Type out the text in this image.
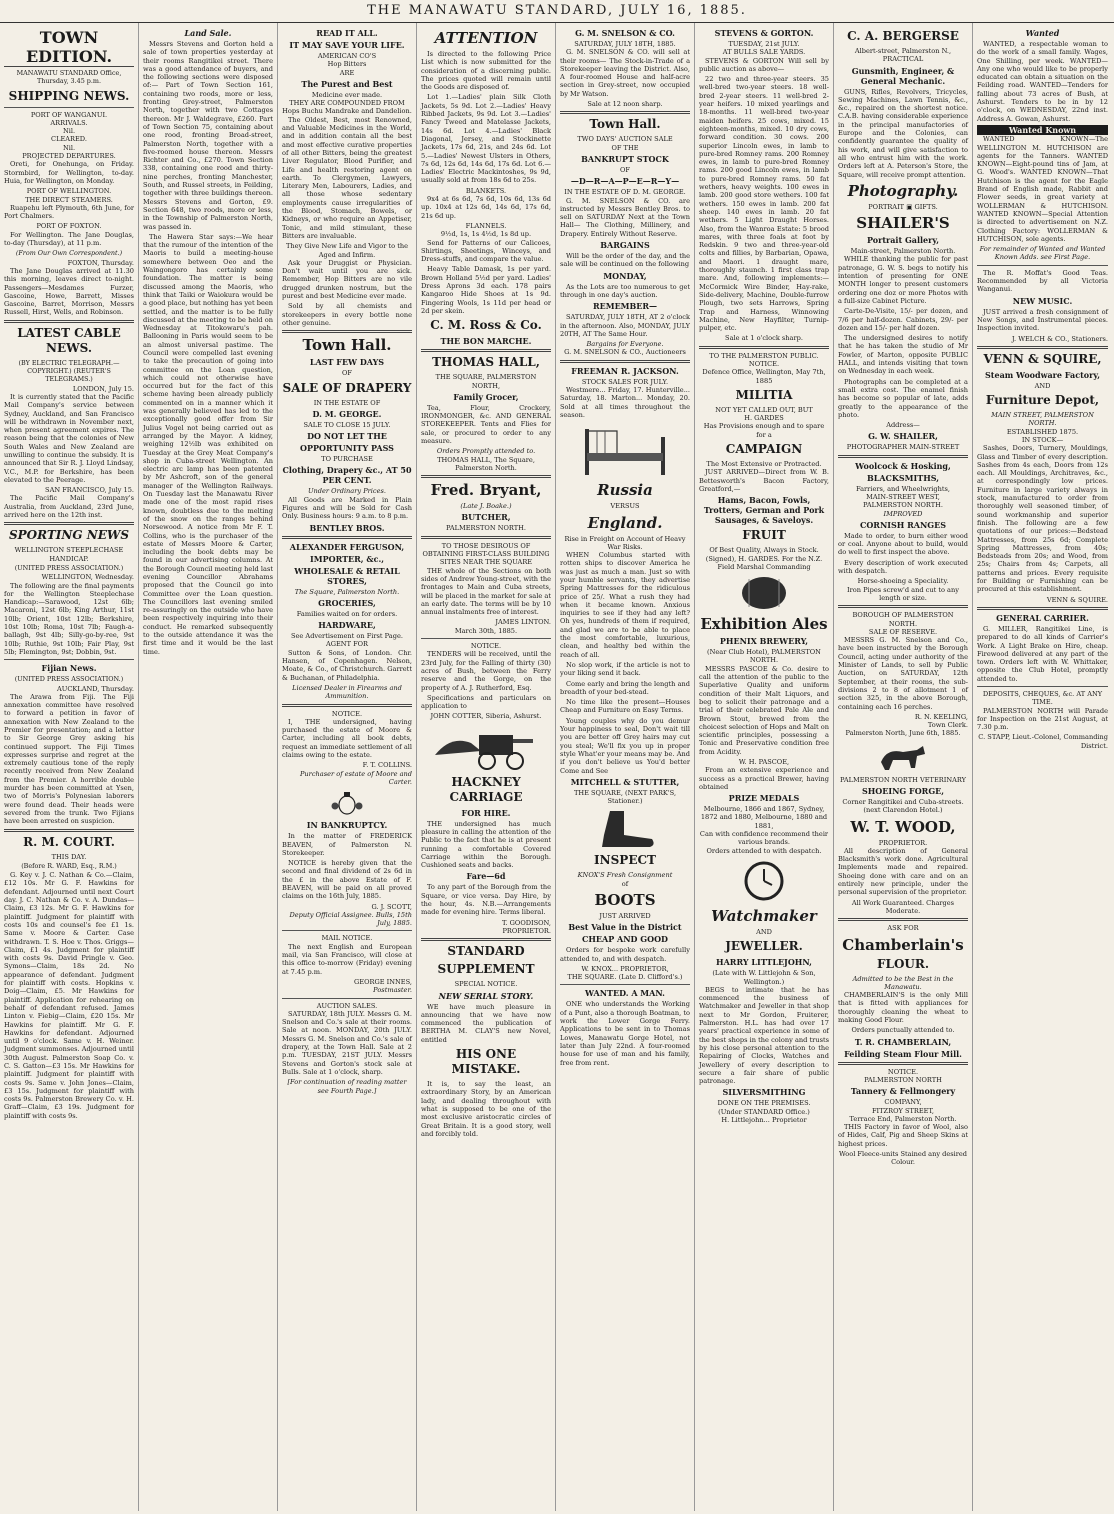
THE MANAWATU STANDARD, JULY 16, 1885.
TOWN EDITION.
MANAWATU STANDARD Office, Thursday, 3.45 p.m.
SHIPPING NEWS.
PORT OF WANGANUI.
ARRIVALS.
Nil.
CLEARED.
Nil.
PROJECTED DEPARTURES.

Oreti, for Onehunga, on Friday. Stormbird, for Wellington, to-day. Huia, for Wellington, on Monday.

PORT OF WELLINGTON.
THE DIRECT STEAMERS.

Ruapehu left Plymouth, 6th June, for Port Chalmers.

PORT OF FOXTON.

For Wellington. The Jane Douglas, to-day (Thursday), at 11 p.m.

(From Our Own Correspondent.)
FOXTON, Thursday.

The Jane Douglas arrived at 11.30 this morning, leaves direct to-night. Passengers—Mesdames Furzer, Gascoine, Howe, Barrett, Misses Gascoine, Barret, Morrison, Messrs Russell, Hirst, Wells, and Robinson.

LATEST CABLE NEWS.
(BY ELECTRIC TELEGRAPH.—COPYRIGHT.) (REUTER'S TELEGRAMS.)
LONDON, July 15.

It is currently stated that the Pacific Mail Company's service between Sydney, Auckland, and San Francisco will be withdrawn in November next, when present agreement expires. The reason being that the colonies of New South Wales and New Zealand are unwilling to continue the subsidy. It is announced that Sir R. J. Lloyd Lindsay, V.C., M.P. for Berkshire, has been elevated to the Peerage.

SAN FRANCISCO, July 15.

The Pacific Mail Company's Australia, from Auckland, 23rd June, arrived here on the 12th inst.

SPORTING NEWS
WELLINGTON STEEPLECHASE HANDICAP.
(UNITED PRESS ASSOCIATION.)
WELLINGTON, Wednesday.

The following are the final payments for the Wellington Steeplechase Handicap:—Sarawood, 12st 6lb; Macaroni, 12st 6lb; King Arthur, 11st 10lb; Orient, 10st 12lb; Berkshire, 10st 10lb; Roma, 10st 7lb; Faugh-a-ballagh, 9st 4lb; Silly-go-by-ree, 9st 10lb; Ruthie, 9st 10lb; Fair Play, 9st 5lb; Flemington, 9st; Dobbin, 9st.

Fijian News.
(UNITED PRESS ASSOCIATION.)
AUCKLAND, Thursday.

The Arawa from Fiji. The Fiji annexation committee have resolved to forward a petition in favor of annexation with New Zealand to the Premier for presentation; and a letter to Sir George Grey asking his continued support. The Fiji Times expresses surprise and regret at the extremely cautious tone of the reply recently received from New Zealand from the Premier. A horrible double murder has been committed at Ysen, two of Morris's Polynesian laborers were found dead. Their heads were severed from the trunk. Two Fijians have been arrested on suspicion.

R. M. COURT.
THIS DAY.
(Before R. WARD, Esq., R.M.)

G. Key v. J. C. Nathan & Co.—Claim, £12 10s. Mr G. F. Hawkins for defendant. Adjourned until next Court day. J. C. Nathan & Co. v. A. Dundas—Claim, £3 12s. Mr G. F. Hawkins for plaintiff. Judgment for plaintiff with costs 10s and counsel's fee £1 1s. Same v. Moore & Carter. Case withdrawn. T. S. Hoe v. Thos. Griggs—Claim, £1 4s. Judgment for plaintiff with costs 9s. David Pringle v. Geo. Symons—Claim, 18s 2d. No appearance of defendant. Judgment for plaintiff with costs. Hopkins v. Doig—Claim, £5. Mr Hawkins for plaintiff. Application for rehearing on behalf of defendant refused. James Linton v. Fiebig—Claim, £20 15s. Mr Hawkins for plaintiff. Mr G. F. Hawkins for defendant. Adjourned until 9 o'clock. Same v. H. Weiner. Judgment summonses. Adjourned until 30th August. Palmerston Soap Co. v. C. S. Gatton—£3 15s. Mr Hawkins for plaintiff. Judgment for plaintiff with costs 9s. Same v. John Jones—Claim, £3 15s. Judgment for plaintiff with costs 9s. Palmerston Brewery Co. v. H. Graff—Claim, £3 19s. Judgment for plaintiff with costs 9s.

Land Sale.

Messrs Stevens and Gorton held a sale of town properties yesterday at their rooms Rangitikei street. There was a good attendance of buyers, and the following sections were disposed of:— Part of Town Section 161, containing two roods, more or less, fronting Grey-street, Palmerston North, together with two Cottages thereon. Mr J. Waldegrave, £260. Part of Town Section 75, containing about one rood, fronting Broad-street, Palmerston North, together with a five-roomed house thereon. Messrs Richter and Co., £270. Town Section 338, containing one rood and thirty-nine perches, fronting Manchester, South, and Russel streets, in Feilding, together with three buildings thereon. Messrs Stevens and Gorton, £9. Section 648, two roods, more or less, in the Township of Palmerston North, was passed in.

The Hawera Star says:—We hear that the rumour of the intention of the Maoris to build a meeting-house somewhere between Oeo and the Waingongoro has certainly some foundation. The matter is being discussed among the Maoris, who think that Taiki or Waiokura would be a good place, but nothing has yet been settled, and the matter is to be fully discussed at the meeting to be held on Wednesday at Titokowaru's pah. Ballooning in Paris would seem to be an almost universal pastime. The Council were compelled last evening to take the precaution of going into committee on the Loan question, which could not otherwise have occurred but for the fact of this scheme having been already publicly commented on in a manner which it was generally believed has led to the exceptionally good offer from Sir Julius Vogel not being carried out as arranged by the Mayor. A kidney, weighing 12½lb was exhibited on Tuesday at the Grey Meat Company's shop in Cuba-street Wellington. An electric arc lamp has been patented by Mr Ashcroft, son of the general manager of the Wellington Railways. On Tuesday last the Manawatu River made one of the most rapid rises known, doubtless due to the melting of the snow on the ranges behind Norsewood. A notice from Mr F. T. Collins, who is the purchaser of the estate of Messrs Moore & Carter, including the book debts may be found in our advertising columns. At the Borough Council meeting held last evening Councillor Abrahams proposed that the Council go into Committee over the Loan question. The Councillors last evening smiled re-assuringly on the outside who have been respectively inquiring into their conduct. He remarked subsequently to the outside attendance it was the first time and it would be the last time.

READ IT ALL.
IT MAY SAVE YOUR LIFE.
AMERICAN CO'S
Hop Bitters
ARE
The Purest and Best
Medicine ever made.
THEY ARE COMPOUNDED FROM
Hops Buchu Mandrake and Dandelion.

The Oldest, Best, most Renowned, and Valuable Medicines in the World, and in addition contain all the best and most effective curative properties of all other Bitters, being the greatest Liver Regulator, Blood Purifier, and Life and health restoring agent on earth. To Clergymen, Lawyers, Literary Men, Labourers, Ladies, and all those whose sedentary employments cause irregularities of the Blood, Stomach, Bowels, or Kidneys, or who require an Appetiser, Tonic, and mild stimulant, these Bitters are invaluable.

They Give New Life and Vigor to the Aged and Infirm.

Ask your Druggist or Physician. Don't wait until you are sick. Remember, Hop Bitters are no vile drugged drunken nostrum, but the purest and best Medicine ever made.

Sold by all chemists and storekeepers in every bottle none other genuine.

Town Hall.
LAST FEW DAYS
OF
SALE OF DRAPERY
IN THE ESTATE OF
D. M. GEORGE.
SALE TO CLOSE 15 JULY.
DO NOT LET THE
OPPORTUNITY PASS
TO PURCHASE
Clothing, Drapery &c., AT 50 PER CENT.
Under Ordinary Prices.

All Goods are Marked in Plain Figures and will be Sold for Cash Only. Business hours: 9 a.m. to 8 p.m.

BENTLEY BROS.
ALEXANDER FERGUSON,
IMPORTER, &c.,
WHOLESALE & RETAIL STORES,
The Square, Palmerston North.
GROCERIES,
Families waited on for orders.
HARDWARE,
See Advertisement on First Page.
AGENT FOR

Sutton & Sons, of London. Chr. Hansen, of Copenhagen. Nelson, Moate, & Co., of Christchurch. Garrett & Buchanan, of Philadelphia.

Licensed Dealer in Firearms and Ammunition.
NOTICE.

I, THE undersigned, having purchased the estate of Moore & Carter, including all book debts, request an immediate settlement of all claims owing to the estate.

F. T. COLLINS.
Purchaser of estate of Moore and Carter.
IN BANKRUPTCY.

In the matter of FREDERICK BEAVEN, of Palmerston N. Storekeeper.

NOTICE is hereby given that the second and final dividend of 2s 6d in the £ in the above Estate of F. BEAVEN, will be paid on all proved claims on the 16th July, 1885.

G. J. SCOTT,
Deputy Official Assignee. Bulls, 15th July, 1885.
MAIL NOTICE.

The next English and European mail, via San Francisco, will close at this office to-morrow (Friday) evening at 7.45 p.m.

GEORGE INNES,
Postmaster.
AUCTION SALES.

SATURDAY, 18th JULY. Messrs G. M. Snelson and Co.'s sale at their rooms. Sale at noon. MONDAY, 20th JULY. Messrs G. M. Snelson and Co.'s sale of drapery, at the Town Hall. Sale at 2 p.m. TUESDAY, 21ST JULY. Messrs Stevens and Gorton's stock sale at Bulls. Sale at 1 o'clock, sharp.

[For continuation of reading matter see Fourth Page.]
ATTENTION

Is directed to the following Price List which is now submitted for the consideration of a discerning public. The prices quoted will remain until the Goods are disposed of.

Lot 1.—Ladies' plain Silk Cloth Jackets, 5s 9d. Lot 2.—Ladies' Heavy Ribbed Jackets, 9s 9d. Lot 3.—Ladies' Fancy Tweed and Matelasse Jackets, 14s 6d. Lot 4.—Ladies' Black Diagonal, Jersey, and Stockinette Jackets, 17s 6d, 21s, and 24s 6d. Lot 5.—Ladies' Newest Ulsters in Others, 7s 6d, 12s 6d, 14s 6d, 17s 6d. Lot 6.—Ladies' Electric Mackintoshes, 9s 9d, usually sold at from 18s 6d to 25s.

BLANKETS.

9x4 at 6s 6d, 7s 6d, 10s 6d, 13s 6d up. 10x4 at 12s 6d, 14s 6d, 17s 6d, 21s 6d up.

FLANNELS.
9½d, 1s, 1s 4½d, 1s 8d up.

Send for Patterns of our Calicoes, Shirtings, Sheetings, Winceys, and Dress-stuffs, and compare the value.

Heavy Table Damask, 1s per yard. Brown Holland 5½d per yard. Ladies' Dress Aprons 3d each. 178 pairs Kangaroo Hide Shoes at 1s 9d. Fingering Wools, 1s 11d per head or 2d per skein.

C. M. Ross & Co.
THE BON MARCHE.
THOMAS HALL,
THE SQUARE, PALMERSTON NORTH,
Family Grocer,

Tea, Flour, Crockery, IRONMONGER, &c. AND GENERAL STOREKEEPER. Tents and Flies for sale, or procured to order to any measure.

Orders Promptly attended to.
THOMAS HALL, The Square, Palmerston North.
Fred. Bryant,
(Late J. Boake.)
BUTCHER,
PALMERSTON NORTH.
TO THOSE DESIROUS OF OBTAINING FIRST-CLASS BUILDING SITES NEAR THE SQUARE

THE whole of the Sections on both sides of Andrew Young-street, with the frontages to Main and Cuba streets, will be placed in the market for sale at an early date. The terms will be by 10 annual instalments free of interest.

JAMES LINTON.
March 30th, 1885.
NOTICE.

TENDERS will be received, until the 23rd July, for the Falling of thirty (30) acres of Bush, between the Ferry reserve and the Gorge, on the property of A. J. Rutherford, Esq.

Specifications and particulars on application to

JOHN COTTER, Siberia, Ashurst.
HACKNEY CARRIAGE
FOR HIRE.

THE undersigned has much pleasure in calling the attention of the Public to the fact that he is at present running a comfortable Covered Carriage within the Borough. Cushioned seats and backs.

Fare—6d

To any part of the Borough from the Square, or vice versa. Day Hire, by the hour, 4s. N.B.—Arrangements made for evening hire. Terms liberal.

T. GOODISON,
PROPRIETOR.
STANDARD
SUPPLEMENT
SPECIAL NOTICE.
NEW SERIAL STORY.

WE have much pleasure in announcing that we have now commenced the publication of BERTHA M. CLAY'S new Novel, entitled

HIS ONE MISTAKE.

It is, to say the least, an extraordinary Story, by an American lady, and dealing throughout with what is supposed to be one of the most exclusive aristocratic circles of Great Britain. It is a good story, well and forcibly told.

G. M. SNELSON & CO.
SATURDAY, JULY 18TH, 1885.

G. M. SNELSON & CO. will sell at their rooms— The Stock-in-Trade of a Storekeeper leaving the District. Also, A four-roomed House and half-acre section in Grey-street, now occupied by Mr Watson.

Sale at 12 noon sharp.
Town Hall.
TWO DAYS' AUCTION SALE
OF THE
BANKRUPT STOCK
OF
—D—R—A—P—E—R—Y—
IN THE ESTATE OF D. M. GEORGE.

G. M. SNELSON & CO. are instructed by Messrs Bentley Bros. to sell on SATURDAY Next at the Town Hall— The Clothing, Millinery, and Drapery. Entirely Without Reserve.

BARGAINS

Will be the order of the day, and the sale will be continued on the following

MONDAY,

As the Lots are too numerous to get through in one day's auction.

REMEMBER—

SATURDAY, JULY 18TH, AT 2 o'clock in the afternoon. Also, MONDAY, JULY 20TH, AT The Same Hour.

Bargains for Everyone.
G. M. SNELSON & CO., Auctioneers
FREEMAN R. JACKSON.
STOCK SALES FOR JULY.

Westmere... Friday, 17. Hunterville... Saturday, 18. Marton... Monday, 20. Sold at all times throughout the season.

Russia
VERSUS
England.
Rise in Freight on Account of Heavy War Risks.

WHEN Columbus started with rotten ships to discover America he was just as much a man. Just so with your humble servants, they advertise Spring Mattresses for the ridiculous price of 25/. What a rush they had when it became known. Anxious inquiries to see if they had any left? Oh yes, hundreds of them if required, and glad we are to be able to place the most comfortable, luxurious, clean, and healthy bed within the reach of all.

No slop work, if the article is not to your liking send it back.

Come early and bring the length and breadth of your bed-stead.

No time like the present—Houses Cheap and Furniture on Easy Terms.

Young couples why do you demur Your happiness to seal, Don't wait till you are better off Grey hairs may cut you steal; We'll fix you up in proper style What'er your means may be. And if you don't believe us You'd better Come and See

MITCHELL & STUTTER,
THE SQUARE, (NEXT PARK'S, Stationer.)
INSPECT
KNOX'S Fresh Consignment
of
BOOTS
JUST ARRIVED
Best Value in the District
CHEAP AND GOOD

Orders for bespoke work carefully attended to, and with despatch.

W. KNOX... PROPRIETOR,
THE SQUARE. (Late D. Clifford's.)
WANTED. A MAN.

ONE who understands the Working of a Punt, also a thorough Boatman, to work the Lower Gorge Ferry. Applications to be sent in to Thomas Lowes, Manawatu Gorge Hotel, not later than July 22nd. A four-roomed house for use of man and his family, free from rent.

STEVENS & GORTON.
TUESDAY, 21st JULY.
AT BULLS SALE YARDS.

STEVENS & GORTON Will sell by public auction as above—

22 two and three-year steers. 35 well-bred two-year steers. 18 well-bred 2-year steers. 11 well-bred 2-year heifers. 10 mixed yearlings and 18-months. 11 well-bred two-year maiden heifers. 25 cows, mixed. 15 eighteen-months, mixed. 10 dry cows, forward condition. 30 cows. 200 superior Lincoln ewes, in lamb to pure-bred Romney rams. 200 Romney ewes, in lamb to pure-bred Romney rams. 200 good Lincoln ewes, in lamb to pure-bred Romney rams. 50 fat wethers, heavy weights. 100 ewes in lamb. 200 good store wethers. 100 fat wethers. 150 ewes in lamb. 200 fat sheep. 140 ewes in lamb. 20 fat wethers. 5 Light Draught Horses. Also, from the Wanroa Estate: 5 brood mares, with three foals at foot by Redskin. 9 two and three-year-old colts and fillies, by Barbarian, Opawa, and Maori. 1 draught mare, thoroughly staunch. 1 first class trap mare. And, following implements:— McCormick Wire Binder, Hay-rake, Side-delivery, Machine, Double-furrow Plough, two sets Harrows, Spring Trap and Harness, Winnowing Machine, New Hayfilter, Turnip-pulper, etc.

Sale at 1 o'clock sharp.
TO THE PALMERSTON PUBLIC.
NOTICE.
Defence Office, Wellington, May 7th, 1885
MILITIA
NOT YET CALLED OUT, BUT
H. GARDES
Has Provisions enough and to spare for a
CAMPAIGN
The Most Extensive or Protracted.

JUST ARRIVED—Direct from W. B. Bettesworth's Bacon Factory, Greatford,—

Hams, Bacon, Fowls, Trotters, German and Pork Sausages, & Saveloys.
FRUIT
Of Best Quality, Always in Stock.
(Signed), H. GARDES. For the N.Z. Field Marshal Commanding
Exhibition Ales
PHENIX BREWERY,
(Near Club Hotel), PALMERSTON NORTH.

MESSRS PASCOE & Co. desire to call the attention of the public to the Superlative Quality and uniform condition of their Malt Liquors, and beg to solicit their patronage and a trial of their celebrated Pale Ale and Brown Stout, brewed from the choicest selection of Hops and Malt on scientific principles, possessing a Tonic and Preservative condition free from Acidity.

W. H. PASCOE,

From an extensive experience and success as a practical Brewer, having obtained

PRIZE MEDALS
Melbourne, 1866 and 1867, Sydney, 1872 and 1880, Melbourne, 1880 and 1881,
Can with confidence recommend their various brands.
Orders attended to with despatch.
Watchmaker
AND
JEWELLER.
HARRY LITTLEJOHN,
(Late with W. Littlejohn & Son, Wellington.)

BEGS to intimate that he has commenced the business of Watchmaker and Jeweller in that shop next to Mr Gordon, Fruiterer, Palmerston. H.L. has had over 17 years' practical experience in some of the best shops in the colony and trusts by his close personal attention to the Repairing of Clocks, Watches and Jewellery of every description to secure a fair share of public patronage.

SILVERSMITHING
DONE ON THE PREMISES.
(Under STANDARD Office.)
H. Littlejohn... Proprietor
C. A. BERGERSE
Albert-street, Palmerston N., PRACTICAL
Gunsmith, Engineer, & General Mechanic.

GUNS, Rifles, Revolvers, Tricycles, Sewing Machines, Lawn Tennis, &c., &c., repaired on the shortest notice. C.A.B. having considerable experience in the principal manufactories of Europe and the Colonies, can confidently guarantee the quality of his work, and will give satisfaction to all who entrust him with the work. Orders left at A. Peterson's Store, the Square, will receive prompt attention.

Photography.
PORTRAIT ▣ GIFTS.
SHAILER'S
Portrait Gallery,
Main-street, Palmerston North.

WHILE thanking the public for past patronage, G. W. S. begs to notify his intention of presenting for ONE MONTH longer to present customers ordering one doz or more Photos with a full-size Cabinet Picture.

Carte-De-Visite, 15/- per dozen, and 7/6 per half-dozen. Cabinets, 29/- per dozen and 15/- per half dozen.

The undersigned desires to notify that he has taken the studio of Mr Fowler, of Marton, opposite PUBLIC HALL, and intends visiting that town on Wednesday in each week.

Photographs can be completed at a small extra cost. The enamel finish has become so popular of late, adds greatly to the appearance of the photo.

Address—
G. W. SHAILER,
PHOTOGRAPHER MAIN-STREET
Woolcock & Hosking,
BLACKSMITHS,
Farriers, and Wheelwrights,
MAIN-STREET WEST,
PALMERSTON NORTH.
IMPROVED
CORNISH RANGES

Made to order, to burn either wood or coal. Anyone about to build, would do well to first inspect the above.

Every description of work executed with despatch.

Horse-shoeing a Speciality.
Iron Pipes screw'd and cut to any length or size.
BOROUGH OF PALMERSTON NORTH.
SALE OF RESERVE.

MESSRS G. M. Snelson and Co., have been instructed by the Borough Council, acting under authority of the Minister of Lands, to sell by Public Auction, on SATURDAY, 12th September, at their rooms, the sub-divisions 2 to 8 of allotment 1 of section 325, in the above Borough, containing each 16 perches.

R. N. KEELING,
Town Clerk.
Palmerston North, June 6th, 1885.
PALMERSTON NORTH VETERINARY
SHOEING FORGE,
Corner Rangitikei and Cuba-streets. (next Clarendon Hotel.)
W. T. WOOD,
PROPRIETOR.

All description of General Blacksmith's work done. Agricultural Implements made and repaired. Shoeing done with care and on an entirely new principle, under the personal supervision of the proprietor.

All Work Guaranteed. Charges Moderate.
ASK FOR
Chamberlain's
FLOUR.
Admitted to be the Best in the Manawatu.

CHAMBERLAIN'S is the only Mill that is fitted with appliances for thoroughly cleaning the wheat to making Good Flour.

Orders punctually attended to.
T. R. CHAMBERLAIN,
Feilding Steam Flour Mill.
NOTICE.
PALMERSTON NORTH
Tannery & Fellmongery
COMPANY,
FITZROY STREET,
Terrace End, Palmerston North.

THIS Factory in favor of Wool, also of Hides, Calf, Pig and Sheep Skins at highest prices.

Wool Fleece-units Stained any desired Colour.
Wanted

WANTED, a respectable woman to do the work of a small family. Wages, One Shilling, per week. WANTED—Any one who would like to be properly educated can obtain a situation on the Feilding road. WANTED—Tenders for falling about 73 acres of Bush, at Ashurst. Tenders to be in by 12 o'clock, on WEDNESDAY, 22nd inst. Address A. Gowan, Ashurst.

Wanted Known

WANTED KNOWN—The WELLINGTON M. HUTCHISON are agents for the Tanners. WANTED KNOWN—Eight-pound tins of Jam, at G. Wood's. WANTED KNOWN—That Hutchison is the agent for the Eagle Brand of English made, Rabbit and Flower seeds, in great variety at WOLLERMAN & HUTCHISON. WANTED KNOWN—Special Attention is directed to advertisement on N.Z. Clothing Factory: WOLLERMAN & HUTCHISON, sole agents.

For remainder of Wanted and Wanted Known Adds. see First Page.

The R. Moffat's Good Teas. Recommended by all Victoria Wanganui.

NEW MUSIC.

JUST arrived a fresh consignment of New Songs, and Instrumental pieces. Inspection invited.

J. WELCH & CO., Stationers.
VENN & SQUIRE,
Steam Woodware Factory,
AND
Furniture Depot,
MAIN STREET, PALMERSTON NORTH.
ESTABLISHED 1875.
IN STOCK—

Sashes, Doors, Turnery, Mouldings, Glass and Timber of every description. Sashes from 4s each, Doors from 12s each. All Mouldings, Architraves, &c., at correspondingly low prices. Furniture in large variety always in stock, manufactured to order from thoroughly well seasoned timber, of sound workmanship and superior finish. The following are a few quotations of our prices:—Bedstead Mattresses, from 25s 6d; Complete Spring Mattresses, from 40s; Bedsteads from 20s; and Wood, from 25s; Chairs from 4s; Carpets, all patterns and prices. Every requisite for Building or Furnishing can be procured at this establishment.

VENN & SQUIRE.
GENERAL CARRIER.

G. MILLER, Rangitikei Line, is prepared to do all kinds of Carrier's Work. A Light Brake on Hire, cheap. Firewood delivered at any part of the town. Orders left with W. Whittaker, opposite the Club Hotel, promptly attended to.

DEPOSITS, CHEQUES, &c. AT ANY TIME.

PALMERSTON NORTH will Parade for Inspection on the 21st August, at 7.30 p.m.

C. STAPP, Lieut.-Colonel, Commanding District.
